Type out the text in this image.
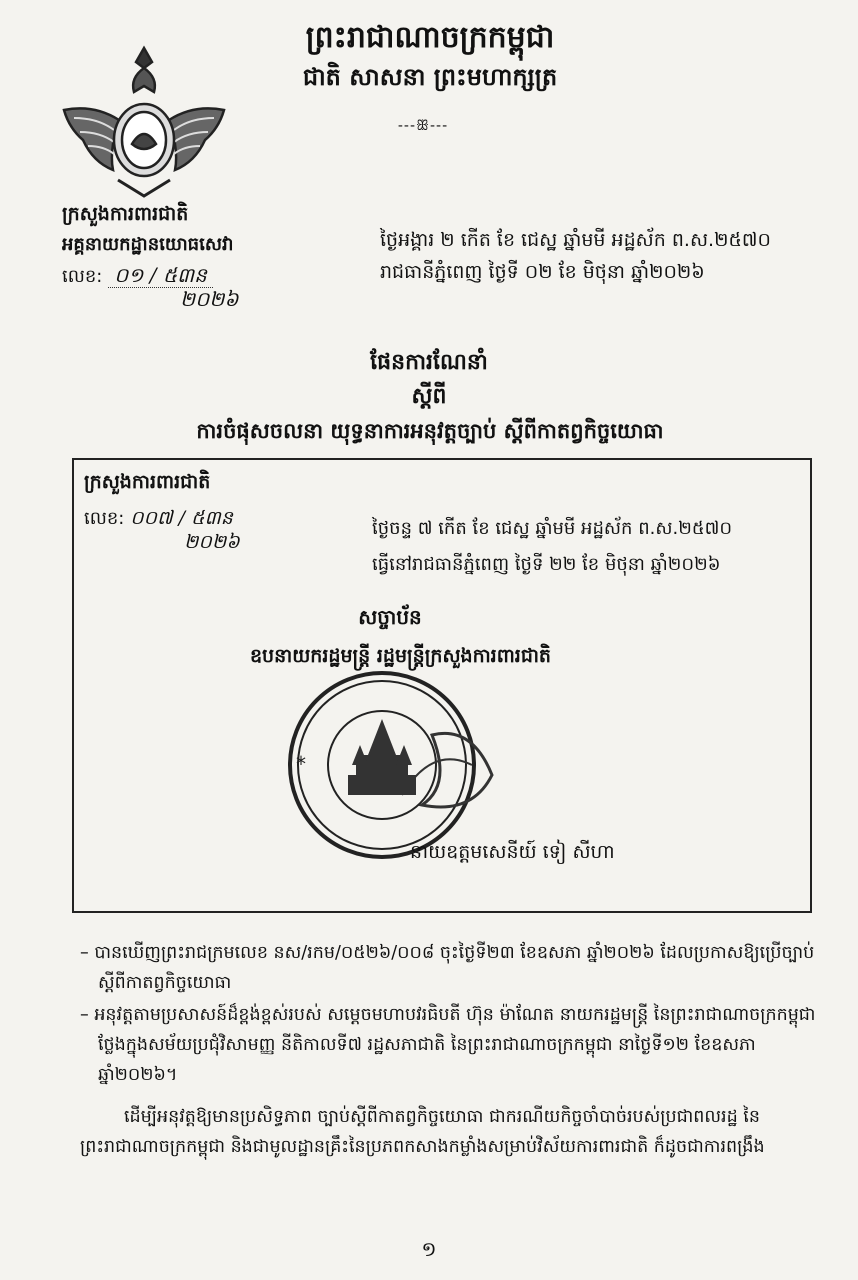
ព្រះរាជាណាចក្រកម្ពុជា
ជាតិ សាសនា ព្រះមហាក្សត្រ
---ꕥ---
ក្រសួងការពារជាតិ
អគ្គនាយកដ្ឋានយោធសេវា
លេខ: ០១ / ៥៣ន
២០២៦
ថ្ងៃអង្គារ ២ កើត ខែ ជេស្ឋ ឆ្នាំមមី អដ្ឋស័ក ព.ស.២៥៧០
រាជធានីភ្នំពេញ ថ្ងៃទី ០២ ខែ មិថុនា ឆ្នាំ២០២៦
ផែនការណែនាំ
ស្តីពី
ការចំផុសចលនា យុទ្ធនាការអនុវត្តច្បាប់ ស្តីពីកាតព្វកិច្ចយោធា
ក្រសួងការពារជាតិ
លេខ: ០០៧ / ៥៣ន
២០២៦
ថ្ងៃចន្ទ ៧ កើត ខែ ជេស្ឋ ឆ្នាំមមី អដ្ឋស័ក ព.ស.២៥៧០
ធ្វើនៅរាជធានីភ្នំពេញ ថ្ងៃទី ២២ ខែ មិថុនា ឆ្នាំ២០២៦
សច្ចាប័ន
ឧបនាយករដ្ឋមន្ត្រី រដ្ឋមន្ត្រីក្រសួងការពារជាតិ
*
នាយឧត្តមសេនីយ៍ ទៀ សីហា
– បានឃើញព្រះរាជក្រមលេខ នស/រកម/០៥២៦/០០៨ ចុះថ្ងៃទី២៣ ខែឧសភា ឆ្នាំ២០២៦ ដែលប្រកាសឱ្យប្រើច្បាប់ស្តីពីកាតព្វកិច្ចយោធា
– អនុវត្តតាមប្រសាសន៍ដ៏ខ្ពង់ខ្ពស់របស់ សម្តេចមហាបវរធិបតី ហ៊ុន ម៉ាណែត នាយករដ្ឋមន្ត្រី នៃព្រះរាជាណាចក្រកម្ពុជា ថ្លែងក្នុងសម័យប្រជុំវិសាមញ្ញ នីតិកាលទី៧ រដ្ឋសភាជាតិ នៃព្រះរាជាណាចក្រកម្ពុជា នាថ្ងៃទី១២ ខែឧសភា ឆ្នាំ២០២៦។
ដើម្បីអនុវត្តឱ្យមានប្រសិទ្ធភាព ច្បាប់ស្តីពីកាតព្វកិច្ចយោធា ជាករណីយកិច្ចចាំបាច់របស់ប្រជាពលរដ្ឋ នៃព្រះរាជាណាចក្រកម្ពុជា និងជាមូលដ្ឋានគ្រឹះនៃប្រភពកសាងកម្លាំងសម្រាប់វិស័យការពារជាតិ ក៏ដូចជាការពង្រឹង
១
